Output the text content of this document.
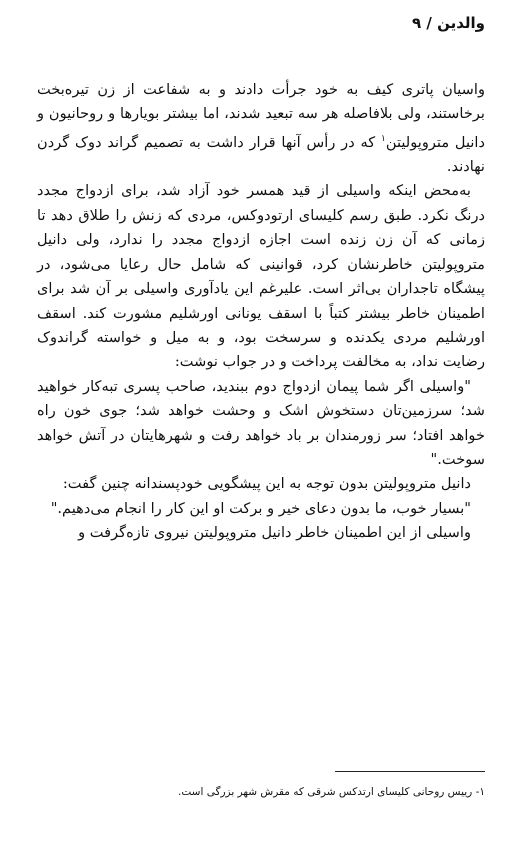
والدین / ۹

واسیان پاتری کیف به خود جرأت دادند و به شفاعت از زن تیره‌بخت برخاستند، ولی بلافاصله هر سه تبعید شدند، اما بیشتر بویارها و روحانیون و دانیل متروپولیتن$^۱$ که در رأس آنها قرار داشت به تصمیم گراند دوک گردن نهادند.

به‌محض اینکه واسیلی از قید همسر خود آزاد شد، برای ازدواج مجدد درنگ نکرد. طبق رسم کلیسای ارتودوکس، مردی که زنش را طلاق دهد تا زمانی که آن زن زنده است اجازه ازدواج مجدد را ندارد، ولی دانیل متروپولیتن خاطرنشان کرد، قوانینی که شامل حال رعایا می‌شود، در پیشگاه تاجداران بی‌اثر است. علیرغم این یادآوری واسیلی بر آن شد برای اطمینان خاطر بیشتر کتباً با اسقف یونانی اورشلیم مشورت کند. اسقف اورشلیم مردی یکدنده و سرسخت بود، و به میل و خواسته گراندوک رضایت نداد، به مخالفت پرداخت و در جواب نوشت:

"واسیلی اگر شما پیمان ازدواج دوم ببندید، صاحب پسری تبه‌کار خواهید شد؛ سرزمین‌تان دستخوش اشک و وحشت خواهد شد؛ جوی خون راه خواهد افتاد؛ سر زورمندان بر باد خواهد رفت و شهرهایتان در آتش خواهد سوخت."

دانیل متروپولیتن بدون توجه به این پیشگویی خودپسندانه چنین گفت:

"بسیار خوب، ما بدون دعای خیر و برکت او این کار را انجام می‌دهیم."

واسیلی از این اطمینان خاطر دانیل متروپولیتن نیروی تازه‌گرفت و

۱- رییس روحانی کلیسای ارتدکس شرقی که مقرش شهر بزرگی است.
